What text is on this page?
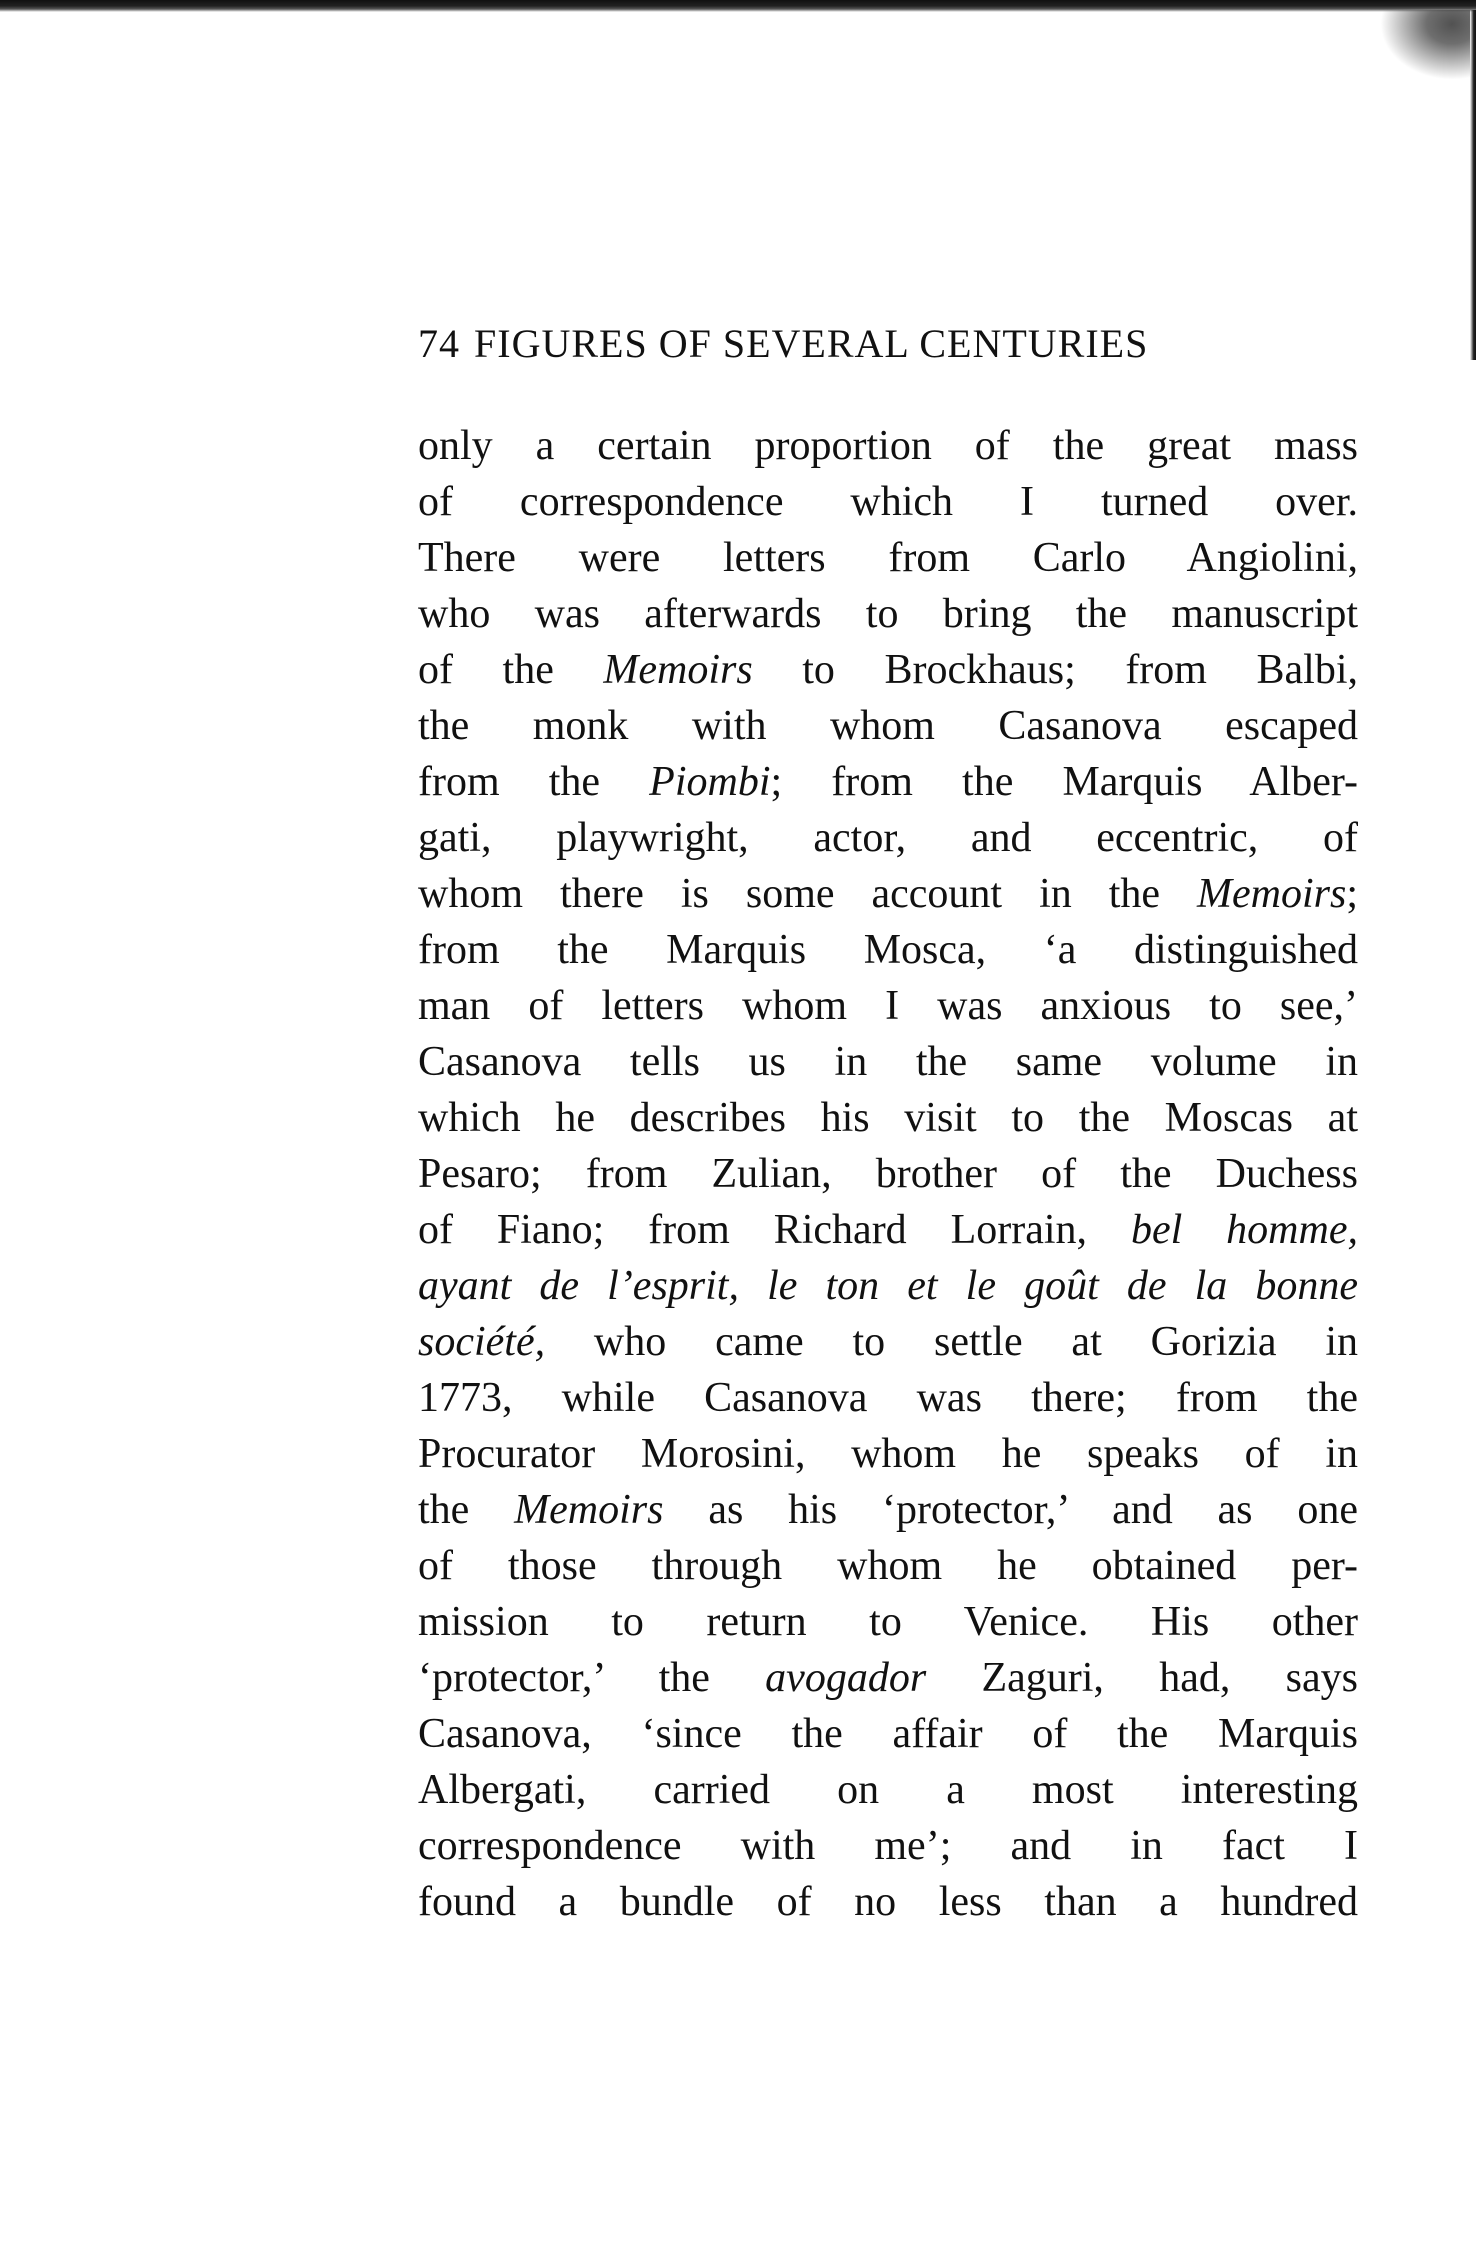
74 FIGURES OF SEVERAL CENTURIES
only a certain proportion of the great mass
of correspondence which I turned over.
There were letters from Carlo Angiolini,
who was afterwards to bring the manuscript
of the Memoirs to Brockhaus; from Balbi,
the monk with whom Casanova escaped
from the Piombi; from the Marquis Alber-
gati, playwright, actor, and eccentric, of
whom there is some account in the Memoirs;
from the Marquis Mosca, ‘a distinguished
man of letters whom I was anxious to see,’
Casanova tells us in the same volume in
which he describes his visit to the Moscas at
Pesaro; from Zulian, brother of the Duchess
of Fiano; from Richard Lorrain, bel homme,
ayant de l’esprit, le ton et le goût de la bonne
société, who came to settle at Gorizia in
1773, while Casanova was there; from the
Procurator Morosini, whom he speaks of in
the Memoirs as his ‘protector,’ and as one
of those through whom he obtained per-
mission to return to Venice. His other
‘protector,’ the avogador Zaguri, had, says
Casanova, ‘since the affair of the Marquis
Albergati, carried on a most interesting
correspondence with me’; and in fact I
found a bundle of no less than a hundred
